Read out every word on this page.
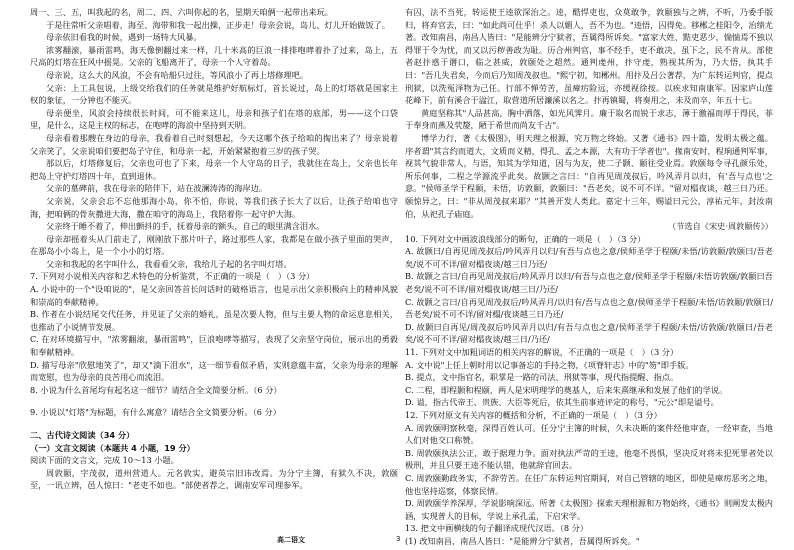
周一、三、五，叫我起的名，周二、四、六叫你起的名，星期天咱俩一起带出来玩。

于是往常听父亲唱着，海至、海带和我一起出操，正步走！母亲会说，岛儿、灯儿开始做饭了。

母亲依旧看我的时候，遇到一场特大风暴。

浓雾翻滚，暴雨雷鸣，海天像倒翻过来一样，几十米高的巨浪一排排咆哮着扑了过来，岛上，五尺高的灯塔在狂风中摇晃。父亲的飞船离开了，母亲一个人守着岛。

母亲说，这么大的风浪，不会有哈船只过往，等风浪小了再上塔修理吧。

父亲：上工具包说，上级交给我们的任务就是维护好航标灯，首长说过，岛上的灯塔就是国家主权的象征，一分钟也不能灭。

母亲便坐，风浪会持续很长时间，可不能来这儿，母亲和孩子们在塔的底部，男——这个口袋里，是什么，这是主权的标志，在咆哮的海浪中坚持到天明。

母亲看着那艘在身边的母亲，我看着自己时刻想起，今天这哪个孩子给咱的掏出来了？母亲说着父亲笑了，父亲说咱们要把岛子守住，和母亲一起，开始紧紧抱着三岁的孩子哭。

那以后，灯塔修复后，父亲也可也了下来，母亲一个人守岛的日子，我就住在岛上，父亲也长年把岛上守护灯塔四十年，直到退休。

父亲的墓碑前，我在母亲的陪伴下，站在波澜涛涛的海岸边。

父亲说，父亲会忘不忘他那海小岛，你不怕，你说，等我们孩子长大了以后，让孩子给咱也守海，把咱俩的骨灰撒进大海，撒在咱守的海岛上，我陪着你一起守护大海。

父亲终于睡不着了，伸出颤抖的手，抚着母亲的额头，自己的眼里满含泪水。

母亲却摇着头从门前走了，刚刚放下那片叶子，路过那些人家，我都是在做小孩子里面的哭声，在那岛小小岛上，是一个小小的灯塔。

父亲和我起的名字叫什么，我看看父亲，我给儿子起的名字叫灯塔。

7. 下列对小说相关内容和艺术特色的分析鉴赏，不正确的一项是（　）（3 分）

A. 小说中的一个"设咱说的"，是父亲回答首长问话时的破格语言，也是示出父亲积极向上的精神风貌和崇高的奉献精神。

B. 作者在小说结尾交代任务，并见证了父亲的婚礼，虽是次要人物，但与主要人物的命运息息相关，也推动了小说情节发展。

C. 在对环境描写中，"浓雾翻滚，暴雨雷鸣"，巨浪咆哮等描写，表现了父亲坚守岗位，展示出的勇毅和奉献精神。

D. 描写母亲"欣慰地笑了"，却又"滴下泪水"，这一细节看似矛盾，实则意蕴丰富，父亲为母亲的理解而宽慰，也为母亲的良苦用心而流泪。

8. 小说为什么首尾均有起名这一细节？请结合全文简要分析。（6 分）

9. 小说以"灯塔"为标题，有什么寓意？请结合全文简要分析。（6 分）

二、古代诗文阅读（34 分）

（一）文言文阅读（本题共 4 小题，19 分）

阅读下面的文言文，完成 10～13 小题。

周敦颐，字茂叔，道州营道人。元名敦实，避英宗旧讳改焉。为分宁主簿，有狱久不决，敦颐至，一讯立辨，邑人惊曰："老吏不如也。"部使者荐之，调南安军司理参军。

有囚，法不当死，转运使王逵欲深治之。逵，酷悍吏也，众莫敢争，敦颐独与之辨，不听，乃委手版归，将弃官去，曰："如此尚可仕乎！杀人以媚人，吾不为也。"逵悟，囚得免。移郴之桂阳令，治绩尤著。改知南昌，南昌人皆曰："是能辨分宁狱者，吾属得所诉矣。"富家大姓、黠吏恶少，惴惴焉不独以得罪于令为忧，而又以污秽善政为耻。历合州判官，事不经手，吏不敢决，虽下之，民不肯从。部使者赵抃惑于谮口，临之甚威，敦颐处之超然。通判虔州，抃守虔，熟视其所为，乃大悟，执其手曰："吾几失君矣，今而后乃知周茂叔也。"熙宁初，知郴州。用抃及吕公著荐，为广东转运判官，提点刑狱，以洗冤泽物为己任。行部不惮劳苦，虽瘴疠险远，亦缓视徐按。以疾求知南康军。因家庐山莲花峰下，前有溪合于湓江，取营道所居濂溪以名之。抃再镇蜀，将奏用之，未及而卒，年五十七。

黄庭坚称其"人品甚高，胸中洒落，如光风霁月。廉于取名而锐于求志，薄于徼福而厚于得民，菲于奉身而燕及茕嫠，陋于希世而尚友千古"。

博学力行，著《太极图》，明天理之根源，究万物之终始。又著《通书》四十篇，发明太极之蕴。序者谓"其言约而道大，文质而义精，得孔、孟之本源，大有功于学者也"。掾南安时，程珦通判军事，视其气貌非常人，与语，知其为学知道，因与为友，使二子颢、颐往受业焉。敦颐每令寻孔颜乐处，所乐何事，二程之学源流乎此矣。故颢之言曰："自再见周茂叔后，吟风弄月以归，有'吾与点也'之意。"侯师圣学于程颐，未悟，访敦颐，敦颐曰："吾老矣，说不可不详。"留对榻夜谈，越三日乃还。颐惊异之，曰："非从周茂叔来耶？"其善开发人类此。嘉定十三年，赐谥曰元公，淳祐元年，封汝南伯，从祀孔子庙庭。

（节选自《宋史·周敦颐传》）

10. 下列对文中画波浪线部分的断句，正确的一项是（　）（3 分）

A. 故颢曰/自再见周茂叔后/吟风弄月以归/有吾与点也之意/侯师圣学于程颐/未悟/访敦颐/敦颐曰/吾老矣/说不可不详/留对榻夜谈/越三日乃还/

B. 故颢之言曰/自再见周茂叔后/吟风弄月以归/有吾与点也之意/侯师圣学于程颐/未悟访敦颐/敦颐曰吾老矣/说不可不详/留对榻夜谈/越三日/乃还/

C. 故颢之言曰/自再见周茂叔后/吟风弄月/以归有/吾与点也之意/侯师圣学于程颐/未悟/访敦颐/敦颐曰/吾老矣/说不可不详/留对榻/夜谈越三日乃还/

D. 故颢曰自再见/周茂叔后吟风弄月以归/有吾与点也之意/侯师圣学于程颐/未悟/访敦颐/敦颐曰/吾老矣/说不可不详/留对榻夜谈/越三日/乃还/

11. 下列对文中加粗词语的相关内容的解说，不正确的一项是（　）（3 分）

A. 文中说"上任上朝时用以记事备忘的手持之物，《项脊轩志》中的"笏"即手版。

B. 提点，文中指官名，职掌是一路的司法、刑狱等事，现代指提醒、指点。

C. 二程，即程颢和程颐，两人是宋明理学的奠基人，后来朱熹继承和发展了他们的学说。

D. 谥，指古代帝王、贵族、大臣等死后，依其生前事迹评定的称号，"元公"即是谥号。

12. 下列对原文有关内容的概括和分析，不正确的一项是（　）（3 分）

A. 周敦颐明察秋毫，深得百姓认可。任分宁主簿的时候，久未决断的案件经他审查，一经审查，当地人们对他交口称赞。

B. 周敦颐执法公正，敢于据理力争。面对执法严苛的王逵，他毫不畏惧，坚决反对将未犯死罪者处以极刑，并且只要王逵不能认错，他就辞官回去。

C. 周敦颐勤政务实，不辞劳苦。在任广东转运判官期间，对自己管辖的地区，即使是瘴疠恶劣之地，他也坚持巡察，体察民情。

D. 周敦颐学养深厚，学说影响深远。所著《太极图》探索天理根源和万物始终，《通书》则阐发太极内涵，实现普人的目标，学说上承孔孟，下启宋学。

13. 把文中画横线的句子翻译成现代汉语。（8 分）

(1) 改知南昌，南昌人皆曰："是能辨分宁狱者，吾属得所诉矣。"

高二语文	3
